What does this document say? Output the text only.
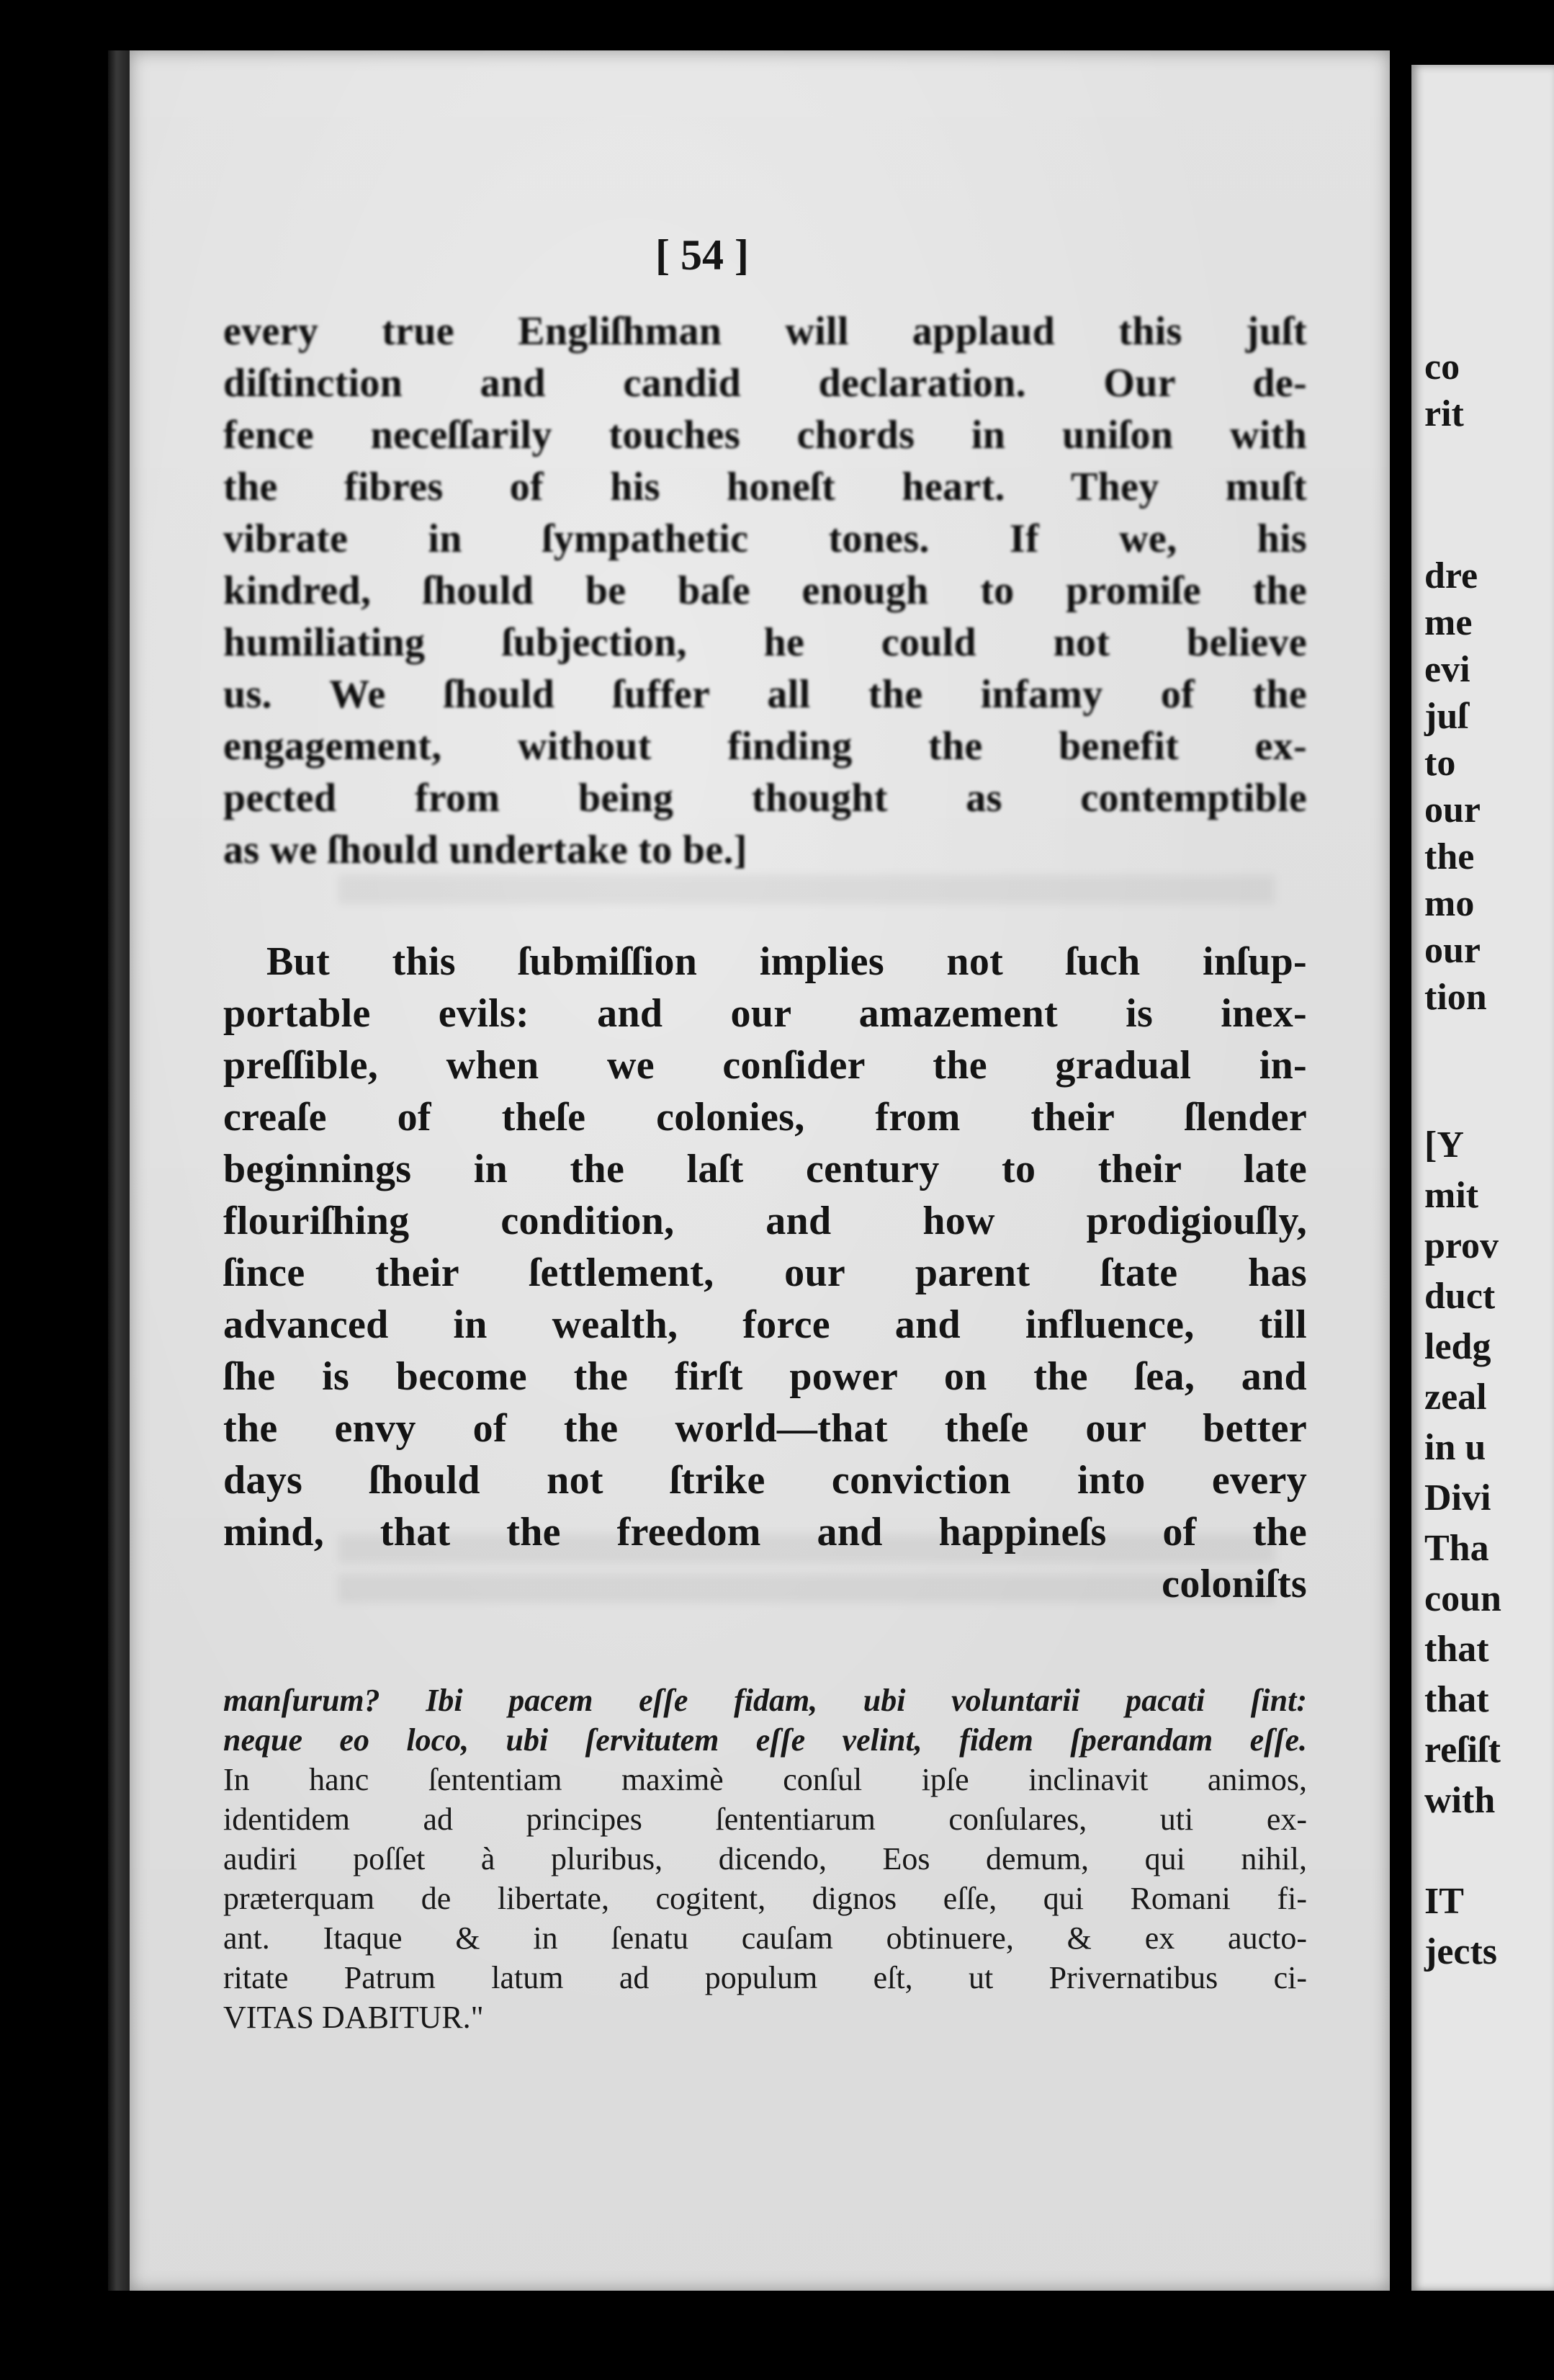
[ 54 ]
every true Engliſhman will applaud this juſt
diſtinction and candid declaration. Our de-
fence neceſſarily touches chords in uniſon with
the fibres of his honeſt heart. They muſt
vibrate in ſympathetic tones. If we, his
kindred, ſhould be baſe enough to promiſe the
humiliating ſubjection, he could not believe
us. We ſhould ſuffer all the infamy of the
engagement, without finding the benefit ex-
pected from being thought as contemptible
as we ſhould undertake to be.]
But this ſubmiſſion implies not ſuch inſup-
portable evils: and our amazement is inex-
preſſible, when we conſider the gradual in-
creaſe of theſe colonies, from their ſlender
beginnings in the laſt century to their late
flouriſhing condition, and how prodigiouſly,
ſince their ſettlement, our parent ſtate has
advanced in wealth, force and influence, till
ſhe is become the firſt power on the ſea, and
the envy of the world—that theſe our better
days ſhould not ſtrike conviction into every
mind, that the freedom and happineſs of the
coloniſts
manſurum? Ibi pacem eſſe fidam, ubi voluntarii pacati ſint:
neque eo loco, ubi ſervitutem eſſe velint, fidem ſperandam eſſe.
In hanc ſententiam maximè conſul ipſe inclinavit animos,
identidem ad principes ſententiarum conſulares, uti ex-
audiri poſſet à pluribus, dicendo, Eos demum, qui nihil,
præterquam de libertate, cogitent, dignos eſſe, qui Romani fi-
ant. Itaque & in ſenatu cauſam obtinuere, & ex aucto-
ritate Patrum latum ad populum eſt, ut Privernatibus ci-
VITAS DABITUR."
co
rit
dre
me
evi
juſ
to
our
the
mo
our
tion
[Y
mit
prov
duct
ledg
zeal
in u
Divi
Tha
coun
that
that
reſiſt
with
IT
jects
